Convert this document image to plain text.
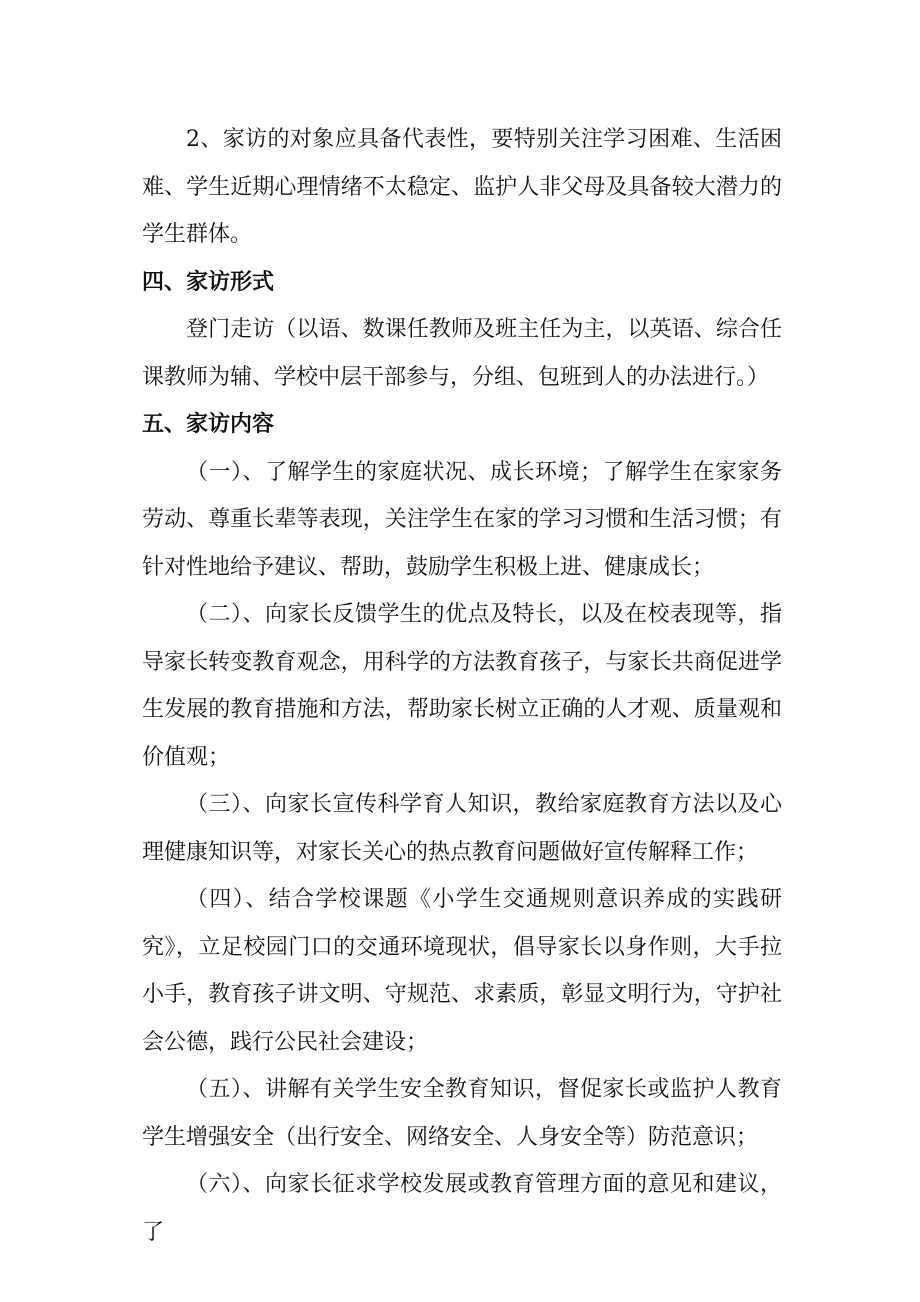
2、家访的对象应具备代表性，要特别关注学习困难、生活困难、学生近期心理情绪不太稳定、监护人非父母及具备较大潜力的学生群体。

四、家访形式

登门走访（以语、数课任教师及班主任为主，以英语、综合任课教师为辅、学校中层干部参与，分组、包班到人的办法进行。）

五、家访内容

（一）、了解学生的家庭状况、成长环境；了解学生在家家务劳动、尊重长辈等表现，关注学生在家的学习习惯和生活习惯；有针对性地给予建议、帮助，鼓励学生积极上进、健康成长；

（二）、向家长反馈学生的优点及特长，以及在校表现等，指导家长转变教育观念，用科学的方法教育孩子，与家长共商促进学生发展的教育措施和方法，帮助家长树立正确的人才观、质量观和价值观；

（三）、向家长宣传科学育人知识，教给家庭教育方法以及心理健康知识等，对家长关心的热点教育问题做好宣传解释工作；

（四）、结合学校课题《小学生交通规则意识养成的实践研究》，立足校园门口的交通环境现状，倡导家长以身作则，大手拉小手，教育孩子讲文明、守规范、求素质，彰显文明行为，守护社会公德，践行公民社会建设；

（五）、讲解有关学生安全教育知识，督促家长或监护人教育学生增强安全（出行安全、网络安全、人身安全等）防范意识；

（六）、向家长征求学校发展或教育管理方面的意见和建议，了
